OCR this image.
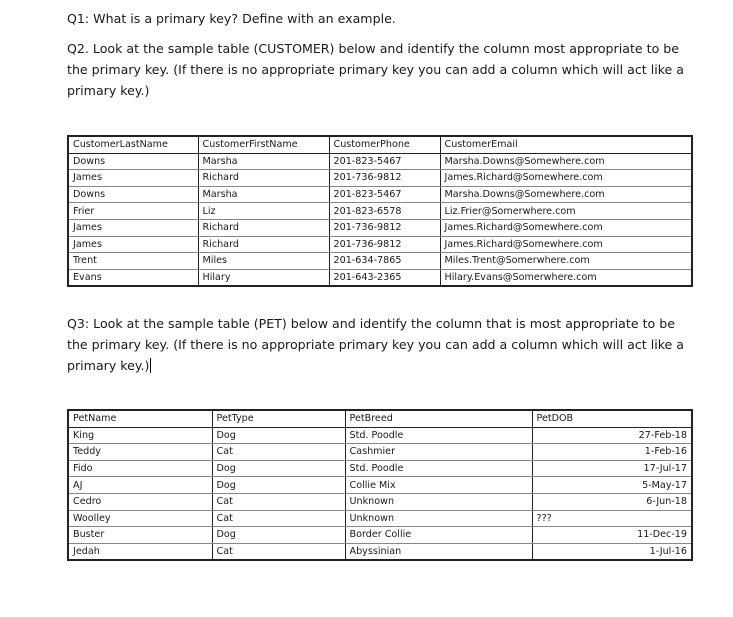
Q1: What is a primary key? Define with an example.

Q2. Look at the sample table (CUSTOMER) below and identify the column most appropriate to be the primary key. (If there is no appropriate primary key you can add a column which will act like a primary key.)

Q3: Look at the sample table (PET) below and identify the column that is most appropriate to be the primary key. (If there is no appropriate primary key you can add a column which will act like a primary key.)

CustomerLastName	CustomerFirstName	CustomerPhone	CustomerEmail
Downs	Marsha	201-823-5467	Marsha.Downs@Somewhere.com
James	Richard	201-736-9812	James.Richard@Somewhere.com
Downs	Marsha	201-823-5467	Marsha.Downs@Somewhere.com
Frier	Liz	201-823-6578	Liz.Frier@Somerwhere.com
James	Richard	201-736-9812	James.Richard@Somewhere.com
James	Richard	201-736-9812	James.Richard@Somewhere.com
Trent	Miles	201-634-7865	Miles.Trent@Somerwhere.com
Evans	Hilary	201-643-2365	Hilary.Evans@Somerwhere.com
PetName	PetType	PetBreed	PetDOB
King	Dog	Std. Poodle	27-Feb-18
Teddy	Cat	Cashmier	1-Feb-16
Fido	Dog	Std. Poodle	17-Jul-17
AJ	Dog	Collie Mix	5-May-17
Cedro	Cat	Unknown	6-Jun-18
Woolley	Cat	Unknown	???
Buster	Dog	Border Collie	11-Dec-19
Jedah	Cat	Abyssinian	1-Jul-16
